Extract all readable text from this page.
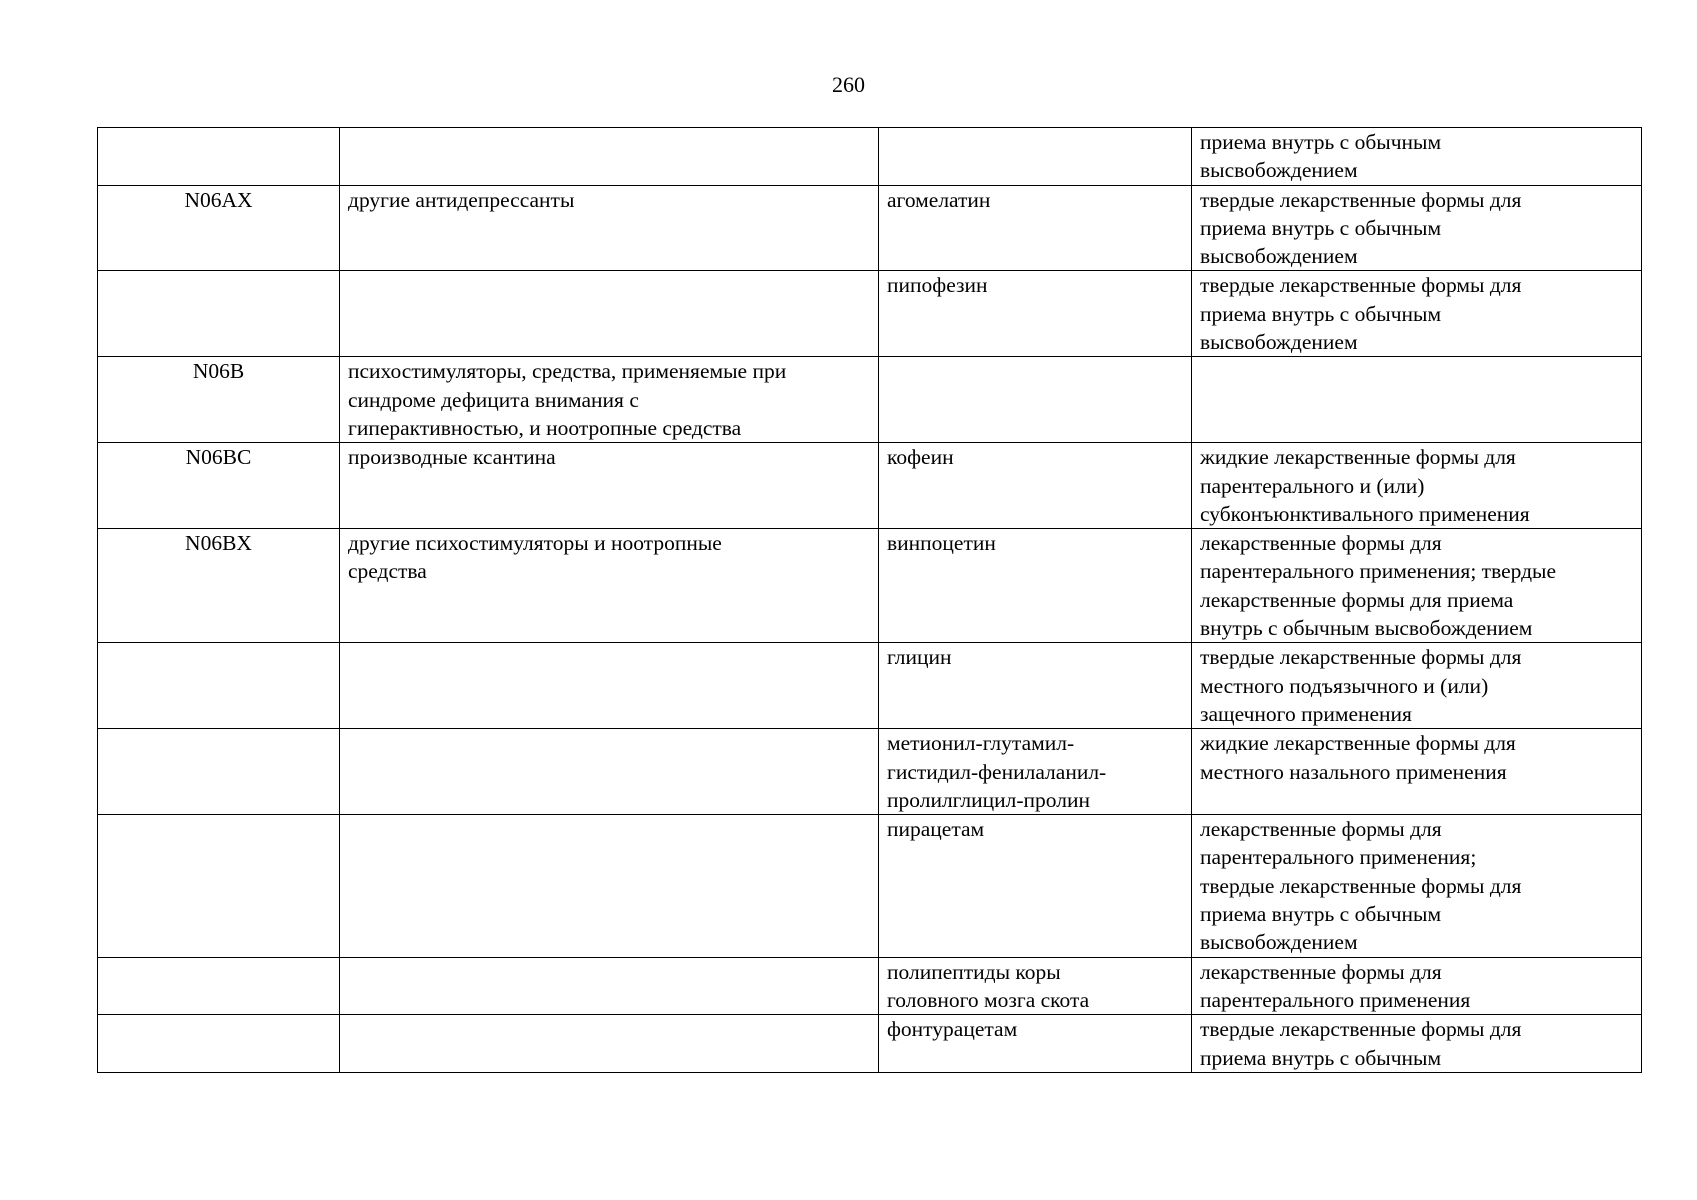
260

			приема внутрь с обычным
высвобождением

N06AX	другие антидепрессанты	агомелатин	твердые лекарственные формы для
приема внутрь с обычным
высвобождением

		пипофезин	твердые лекарственные формы для
приема внутрь с обычным
высвобождением

N06B	психостимуляторы, средства, применяемые при
синдроме дефицита внимания с
гиперактивностью, и ноотропные средства		

N06BC	производные ксантина	кофеин	жидкие лекарственные формы для
парентерального и (или)
субконъюнктивального применения

N06BX	другие психостимуляторы и ноотропные
средства	винпоцетин	лекарственные формы для
парентерального применения; твердые
лекарственные формы для приема
внутрь с обычным высвобождением

		глицин	твердые лекарственные формы для
местного подъязычного и (или)
защечного применения

		метионил-глутамил-
гистидил-фенилаланил-
пролилглицил-пролин	жидкие лекарственные формы для
местного назального применения

		пирацетам	лекарственные формы для
парентерального применения;
твердые лекарственные формы для
приема внутрь с обычным
высвобождением

		полипептиды коры
головного мозга скота	лекарственные формы для
парентерального применения

		фонтурацетам	твердые лекарственные формы для
приема внутрь с обычным
